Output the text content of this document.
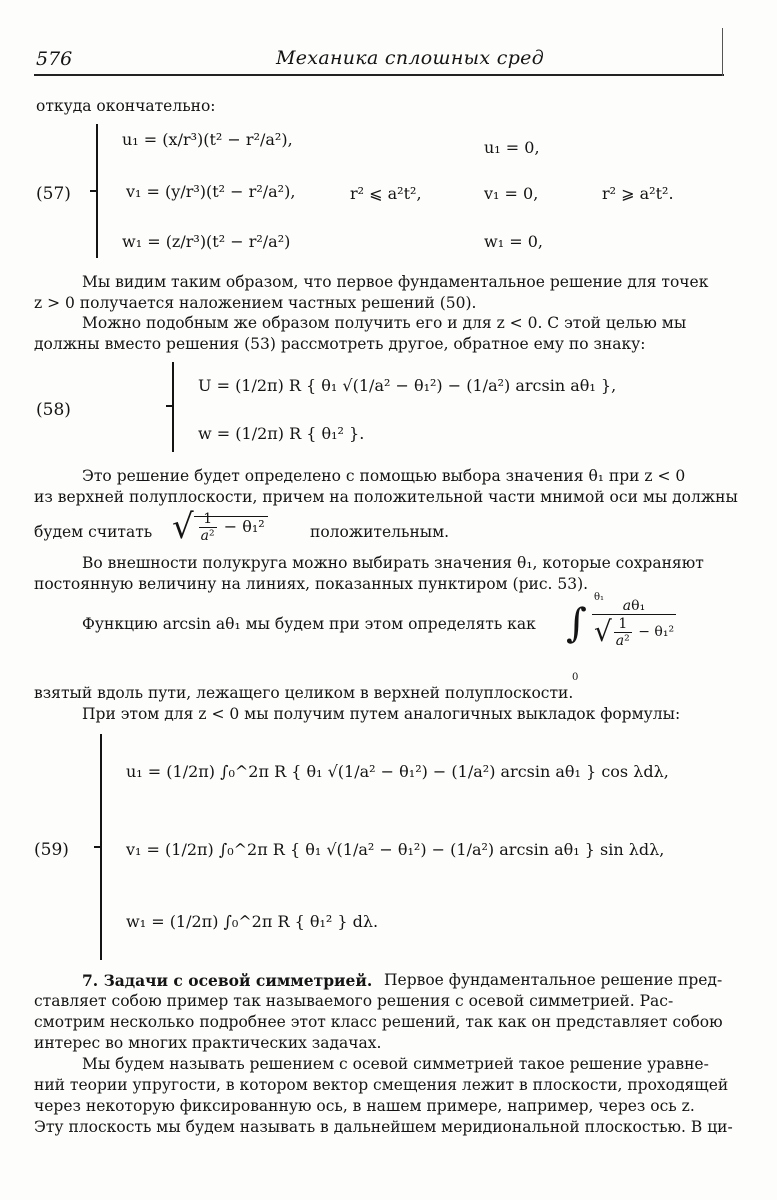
576	Механика сплошных сред
откуда окончательно:
(57)
u₁ = (x/r³)(t² − r²/a²),
v₁ = (y/r³)(t² − r²/a²),
w₁ = (z/r³)(t² − r²/a²)
r² ⩽ a²t²,
u₁ = 0,
v₁ = 0,
w₁ = 0,
r² ⩾ a²t².
Мы видим таким образом, что первое фундаментальное решение для точек
z > 0 получается наложением частных решений (50).
Можно подобным же образом получить его и для z < 0. С этой целью мы
должны вместо решения (53) рассмотреть другое, обратное ему по знаку:
(58)
U = (1/2π) R { θ₁ √(1/a² − θ₁²) − (1/a²) arcsin aθ₁ },
w = (1/2π) R { θ₁² }.
Это решение будет определено с помощью выбора значения θ₁ при z < 0
из верхней полуплоскости, причем на положительной части мнимой оси мы должны
будем считать √ $\frac{1}{\text{a²}} - \theta_1^2$	положительным.
Во внешности полукруга можно выбирать значения θ₁, которые сохраняют
постоянную величину на линиях, показанных пунктиром (рис. 53).
Функцию arcsin aθ₁ мы будем при этом определять как ∫ $\frac{\text{aθ₁}}{√ \frac{1}{\text{a²}} - \theta_1^2}$
θ₁
0
взятый вдоль пути, лежащего целиком в верхней полуплоскости.
При этом для z < 0 мы получим путем аналогичных выкладок формулы:
(59)
u₁ = (1/2π) ∫₀^2π R { θ₁ √(1/a² − θ₁²) − (1/a²) arcsin aθ₁ } cos λdλ,
v₁ = (1/2π) ∫₀^2π R { θ₁ √(1/a² − θ₁²) − (1/a²) arcsin aθ₁ } sin λdλ,
w₁ = (1/2π) ∫₀^2π R { θ₁² } dλ.
7. Задачи с осевой симметрией. Первое фундаментальное решение пред-
ставляет собою пример так называемого решения с осевой симметрией. Рас-
смотрим несколько подробнее этот класс решений, так как он представляет собою
интерес во многих практических задачах.
Мы будем называть решением с осевой симметрией такое решение уравне-
ний теории упругости, в котором вектор смещения лежит в плоскости, проходящей
через некоторую фиксированную ось, в нашем примере, например, через ось z.
Эту плоскость мы будем называть в дальнейшем меридиональной плоскостью. В ци-
